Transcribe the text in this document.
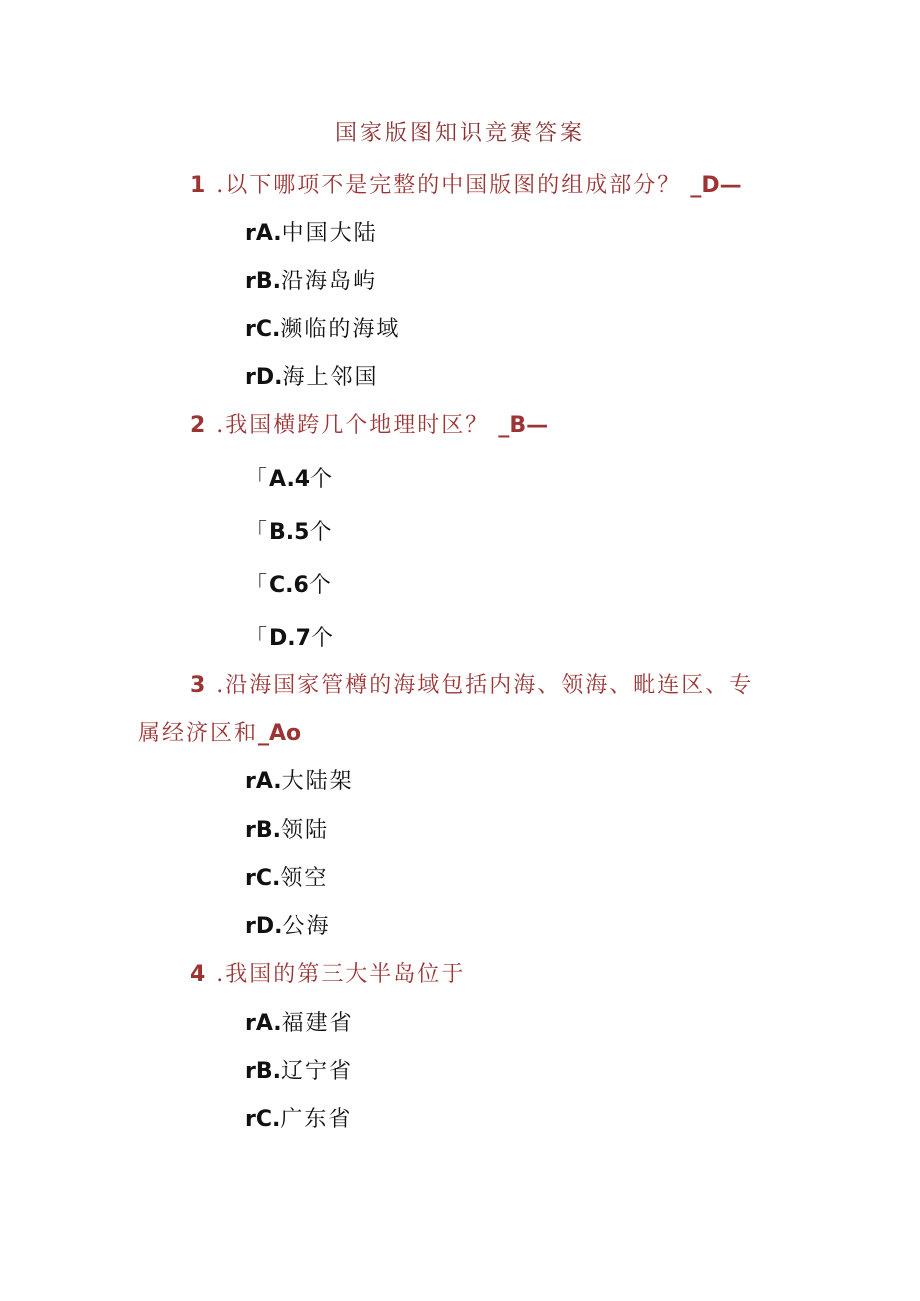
国家版图知识竞赛答案
1 .以下哪项不是完整的中国版图的组成部分？ _D—
rA.中国大陆
rB.沿海岛屿
rC.濒临的海域
rD.海上邻国
2 .我国横跨几个地理时区？ _B—
「A.4个
「B.5个
「C.6个
「D.7个
3 .沿海国家管樽的海域包括内海、领海、毗连区、专
属经济区和_Ao
rA.大陆架
rB.领陆
rC.领空
rD.公海
4 .我国的第三大半岛位于
rA.福建省
rB.辽宁省
rC.广东省
